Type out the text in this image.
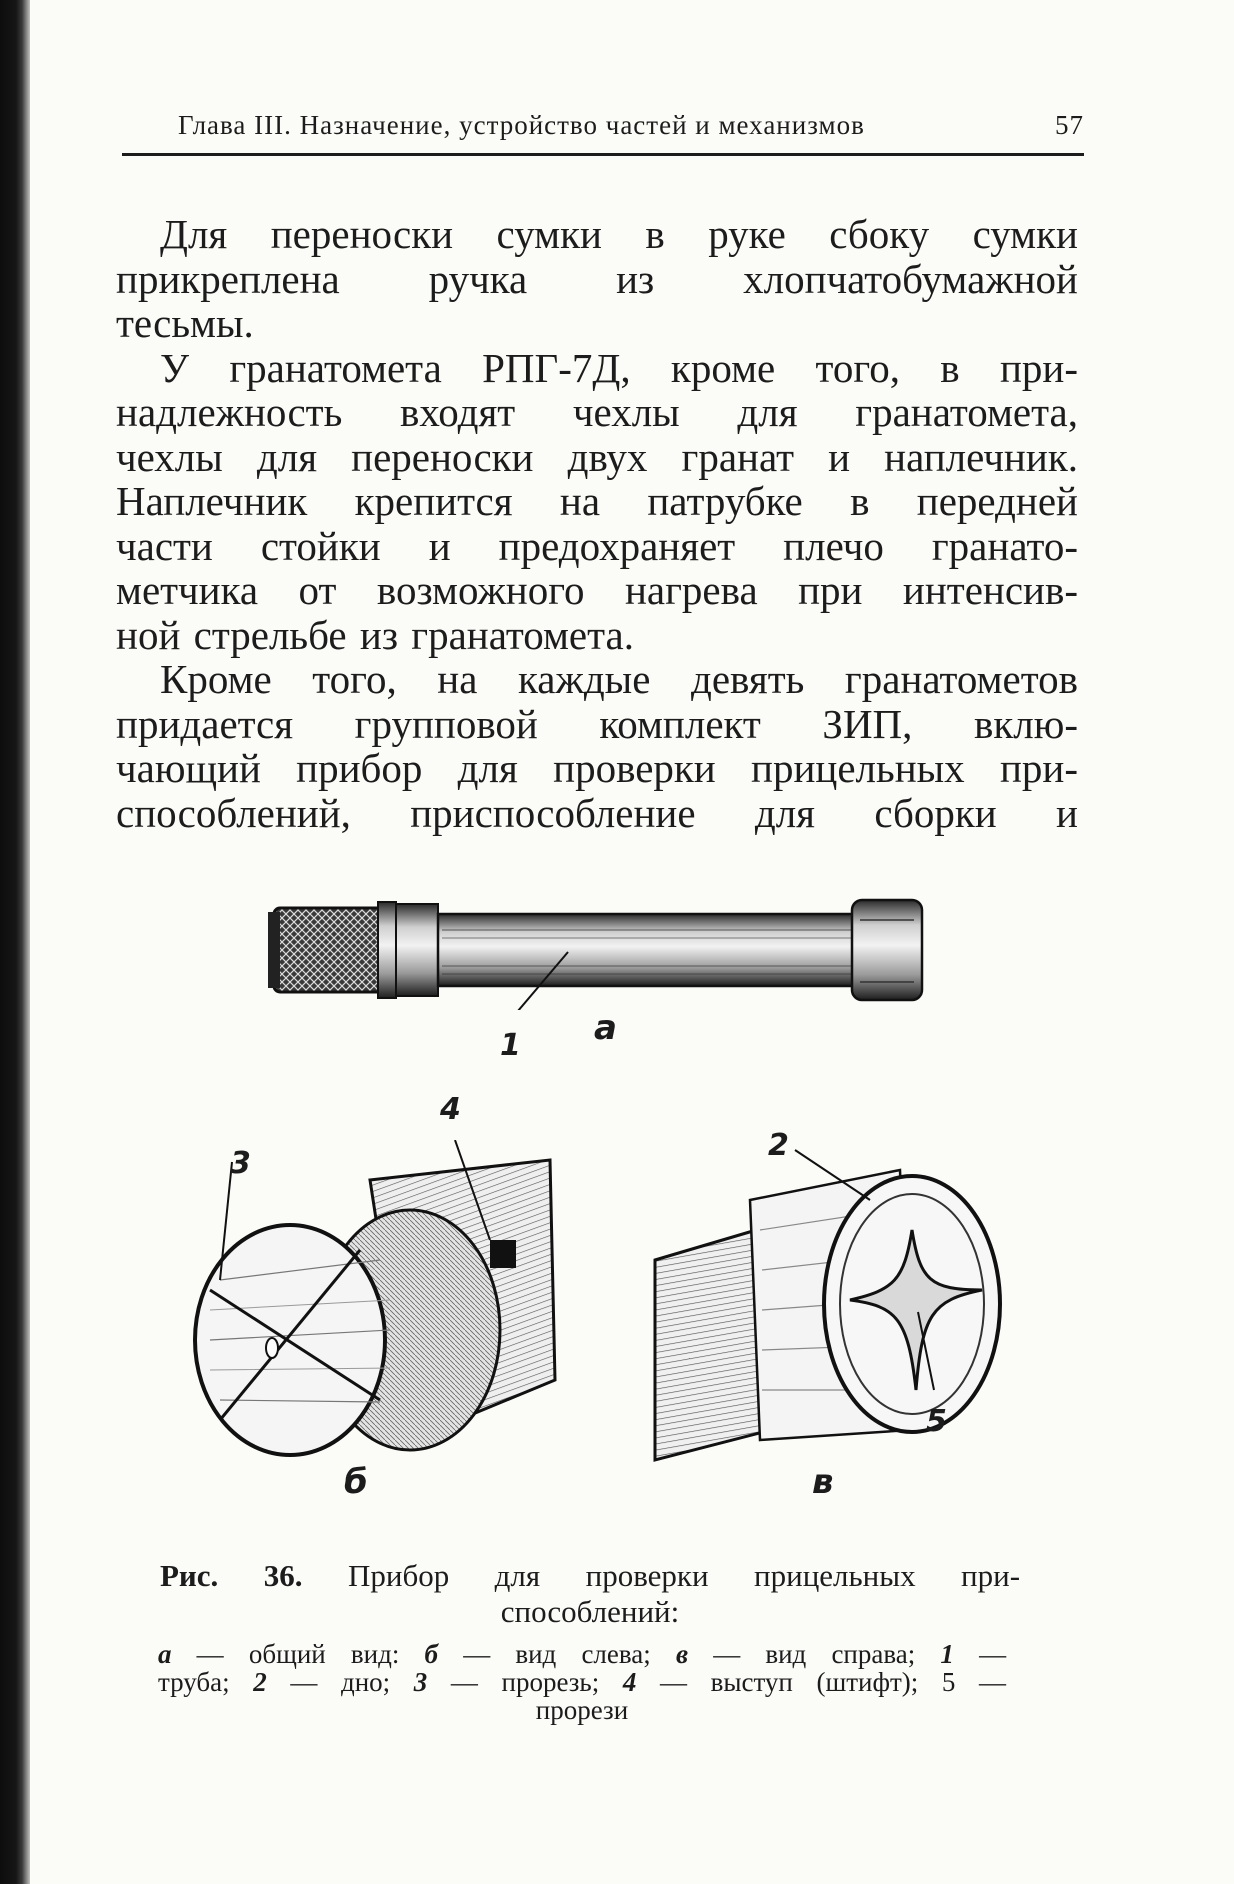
Глава III. Назначение, устройство частей и механизмов	57

Для переноски сумки в руке сбоку сумки
прикреплена ручка из хлопчатобумажной
тесьмы.

У гранатомета РПГ-7Д, кроме того, в при-
надлежность входят чехлы для гранатомета,
чехлы для переноски двух гранат и наплечник.
Наплечник крепится на патрубке в передней
части стойки и предохраняет плечо гранато-
метчика от возможного нагрева при интенсив-
ной стрельбе из гранатомета.

Кроме того, на каждые девять гранатометов
придается групповой комплект ЗИП, вклю-
чающий прибор для проверки прицельных при-
способлений, приспособление для сборки и

1 а
3
4
б
2
5
в
Рис. 36. Прибор для проверки прицельных при-
способлений:
а — общий вид: б — вид слева; в — вид справа; 1 —
труба; 2 — дно; 3 — прорезь; 4 — выступ (штифт); 5 —
прорези
